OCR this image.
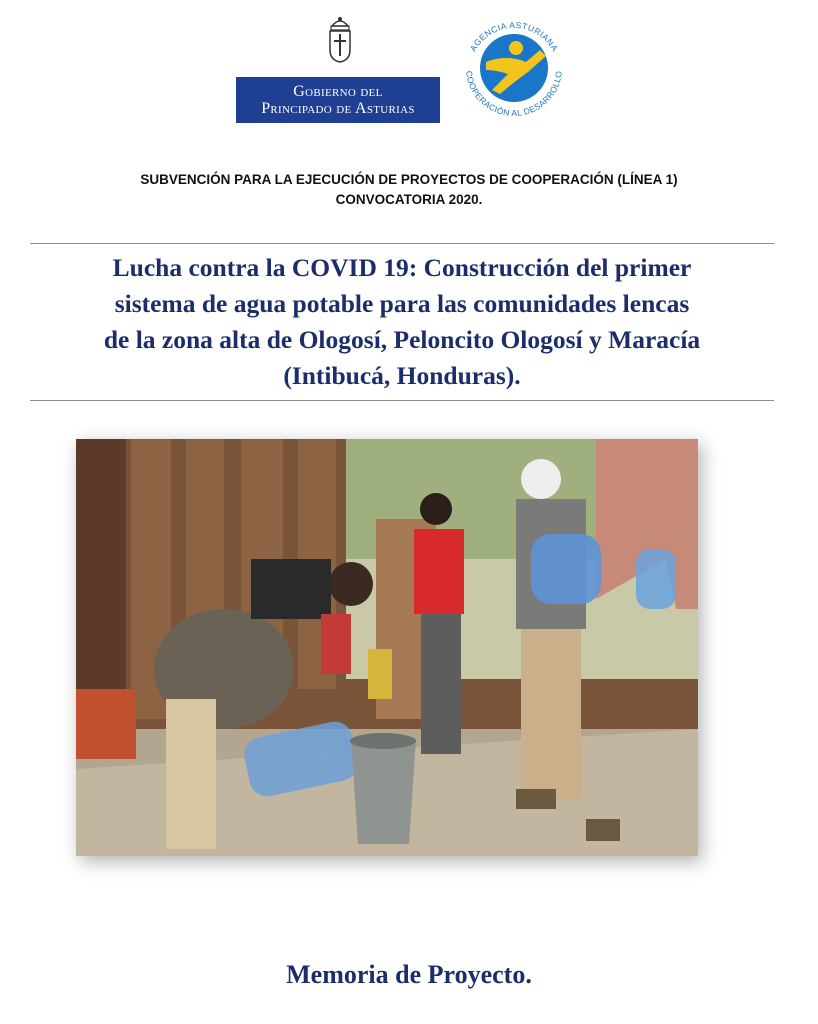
Gobierno del
Principado de Asturias
AGENCIA ASTURIANA
COOPERACIÓN AL DESARROLLO
SUBVENCIÓN PARA LA EJECUCIÓN DE PROYECTOS DE COOPERACIÓN (LÍNEA 1)
CONVOCATORIA 2020.
Lucha contra la COVID 19: Construcción del primer
sistema de agua potable para las comunidades lencas
de la zona alta de Ologosí, Peloncito Ologosí y Maracía
(Intibucá, Honduras).
Memoria de Proyecto.
